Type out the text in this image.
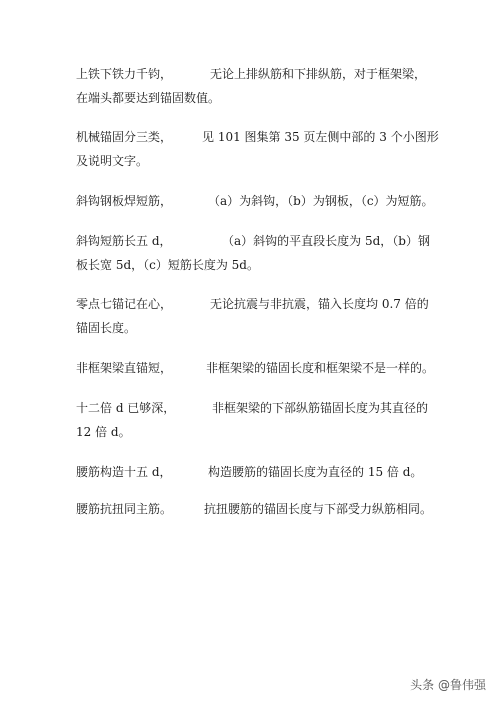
上铁下铁力千钧，	无论上排纵筋和下排纵筋，对于框架梁，
在端头都要达到锚固数值。
机械锚固分三类， 见 101 图集第 35 页左侧中部的 3 个小图形
及说明文字。
斜钩钢板焊短筋，	（a）为斜钩，（b）为钢板，（c）为短筋。
斜钩短筋长五 d，	（a）斜钩的平直段长度为 5d，（b）钢
板长宽 5d，（c）短筋长度为 5d。
零点七锚记在心，	无论抗震与非抗震，锚入长度均 0.7 倍的
锚固长度。
非框架梁直锚短，	非框架梁的锚固长度和框架梁不是一样的。
十二倍 d 已够深，	非框架梁的下部纵筋锚固长度为其直径的
12 倍 d。
腰筋构造十五 d，	构造腰筋的锚固长度为直径的 15 倍 d。
腰筋抗扭同主筋。	抗扭腰筋的锚固长度与下部受力纵筋相同。
头条 @鲁伟强
